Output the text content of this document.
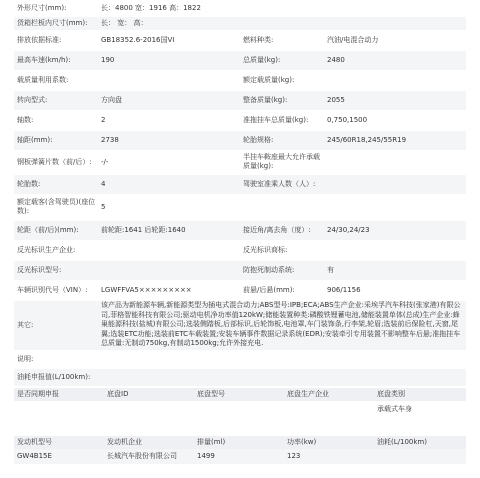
外形尺寸(mm):	长：4800 宽：1916 高：1822		
货箱栏板内尺寸(mm):	长： 宽： 高：		
排放依据标准:	GB18352.6-2016国VI	燃料种类:	汽油/电混合动力
最高车速(km/h):	190	总质量(kg):	2480
载质量利用系数:		额定载质量(kg):	
转向型式:	方向盘	整备质量(kg):	2055
轴数:	2	准拖挂车总质量(kg):	0,750,1500
轴距(mm):	2738	轮胎规格:	245/60R18,245/55R19
钢板弹簧片数（前/后）:	-/-	半挂车鞍座最大允许承载质量(kg):	
轮胎数:	4	驾驶室准乘人数（人）:	
额定载客(含驾驶员)(座位数):	5		
轮距（前/后)(mm):	前轮距:1641 后轮距:1640	接近角/离去角（度）:	24/30,24/23
反光标识生产企业:		反光标识商标:	
反光标识型号:		防抱死制动系统:	有
车辆识别代号（VIN）:	LGWFFVA5×××××××××	前悬/后悬(mm):	906/1156
其它:	该产品为新能源车辆,新能源类型为插电式混合动力;ABS型号:IPB;ECA;ABS生产企业:采埃孚汽车科技(张家港)有限公司,菲格智能科技有限公司;驱动电机净功率值120kW;储能装置种类:磷酸铁锂蓄电池,储能装置单体(总成)生产企业:蜂巢能源科技(盐城)有限公司;选装侧踏板,后部标识,后轮饰板,电池罩,车门装饰条,行李架,轮眉;选装前后保险杠,天窗,尾翼;选装ETC功能;选装前ETC车载装置;安装车辆事件数据记录系统(EDR);安装牵引专用装置不影响整车后悬;准拖挂车总质量:无制动750kg,有制动1500kg;允许外接充电.		
说明:			
油耗申报值(L/100km):			
是否同期申报	底盘ID	底盘型号	底盘生产企业	底盘类别
				承载式车身
发动机型号	发动机企业	排量(ml)	功率(kw)	油耗(L/100km)
GW4B15E	长城汽车股份有限公司	1499	123	
